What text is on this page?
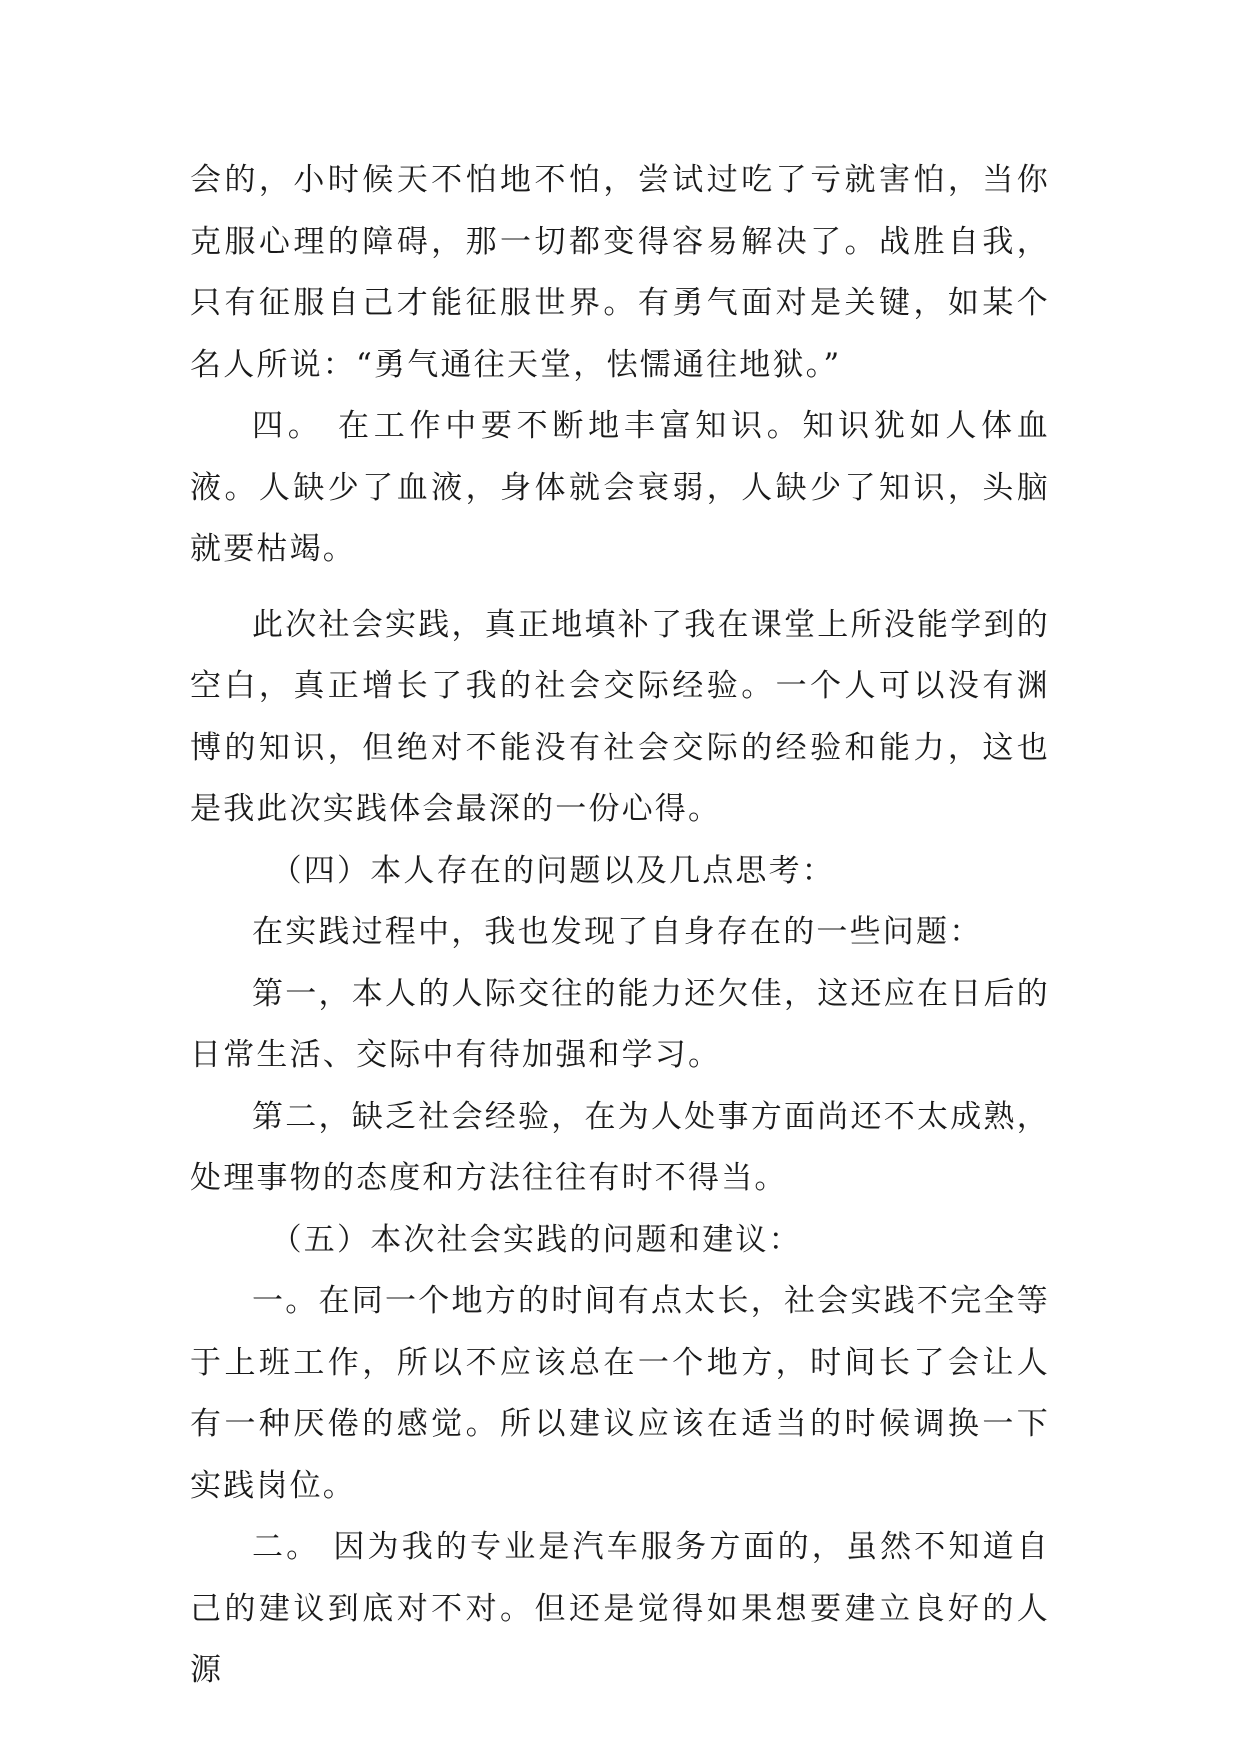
会的，小时候天不怕地不怕，尝试过吃了亏就害怕，当你克服心理的障碍，那一切都变得容易解决了。战胜自我，只有征服自己才能征服世界。有勇气面对是关键，如某个名人所说：“勇气通往天堂，怯懦通往地狱。”

四。 在工作中要不断地丰富知识。知识犹如人体血液。人缺少了血液，身体就会衰弱，人缺少了知识，头脑就要枯竭。

此次社会实践，真正地填补了我在课堂上所没能学到的空白，真正增长了我的社会交际经验。一个人可以没有渊博的知识，但绝对不能没有社会交际的经验和能力，这也是我此次实践体会最深的一份心得。

（四）本人存在的问题以及几点思考：

在实践过程中，我也发现了自身存在的一些问题：

第一，本人的人际交往的能力还欠佳，这还应在日后的日常生活、交际中有待加强和学习。

第二，缺乏社会经验，在为人处事方面尚还不太成熟，处理事物的态度和方法往往有时不得当。

（五）本次社会实践的问题和建议：

一。在同一个地方的时间有点太长，社会实践不完全等于上班工作，所以不应该总在一个地方，时间长了会让人有一种厌倦的感觉。所以建议应该在适当的时候调换一下实践岗位。

二。 因为我的专业是汽车服务方面的，虽然不知道自己的建议到底对不对。但还是觉得如果想要建立良好的人源
